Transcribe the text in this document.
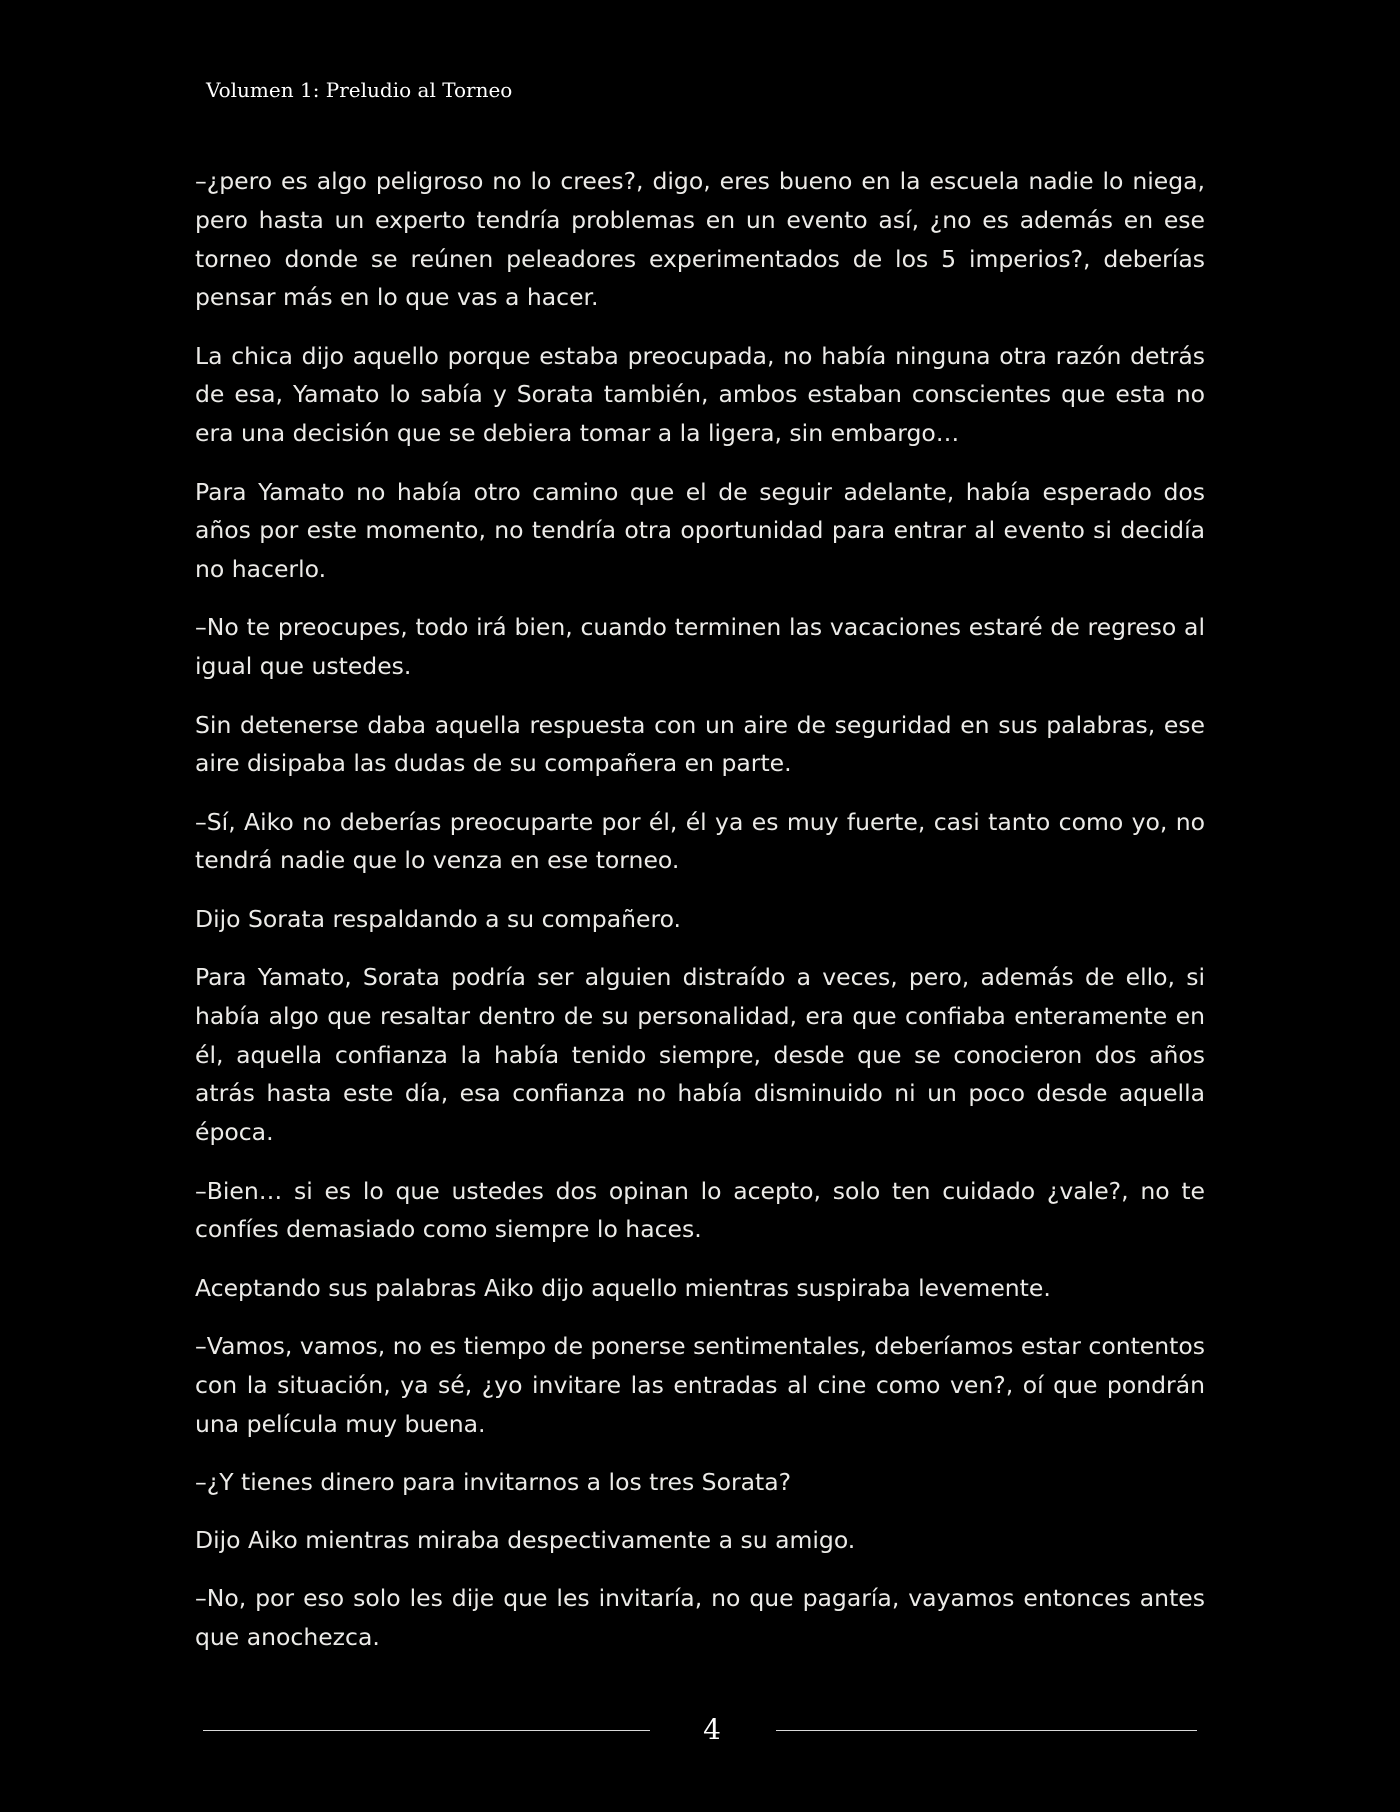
Volumen 1: Preludio al Torneo

–¿pero es algo peligroso no lo crees?, digo, eres bueno en la escuela nadie lo niega, pero hasta un experto tendría problemas en un evento así, ¿no es además en ese torneo donde se reúnen peleadores experimentados de los 5 imperios?, deberías pensar más en lo que vas a hacer.

La chica dijo aquello porque estaba preocupada, no había ninguna otra razón detrás de esa, Yamato lo sabía y Sorata también, ambos estaban conscientes que esta no era una decisión que se debiera tomar a la ligera, sin embargo…

Para Yamato no había otro camino que el de seguir adelante, había esperado dos años por este momento, no tendría otra oportunidad para entrar al evento si decidía no hacerlo.

–No te preocupes, todo irá bien, cuando terminen las vacaciones estaré de regreso al igual que ustedes.

Sin detenerse daba aquella respuesta con un aire de seguridad en sus palabras, ese aire disipaba las dudas de su compañera en parte.

–Sí, Aiko no deberías preocuparte por él, él ya es muy fuerte, casi tanto como yo, no tendrá nadie que lo venza en ese torneo.

Dijo Sorata respaldando a su compañero.

Para Yamato, Sorata podría ser alguien distraído a veces, pero, además de ello, si había algo que resaltar dentro de su personalidad, era que confiaba enteramente en él, aquella confianza la había tenido siempre, desde que se conocieron dos años atrás hasta este día, esa confianza no había disminuido ni un poco desde aquella época.

–Bien… si es lo que ustedes dos opinan lo acepto, solo ten cuidado ¿vale?, no te confíes demasiado como siempre lo haces.

Aceptando sus palabras Aiko dijo aquello mientras suspiraba levemente.

–Vamos, vamos, no es tiempo de ponerse sentimentales, deberíamos estar contentos con la situación, ya sé, ¿yo invitare las entradas al cine como ven?, oí que pondrán una película muy buena.

–¿Y tienes dinero para invitarnos a los tres Sorata?

Dijo Aiko mientras miraba despectivamente a su amigo.

–No, por eso solo les dije que les invitaría, no que pagaría, vayamos entonces antes que anochezca.

4
